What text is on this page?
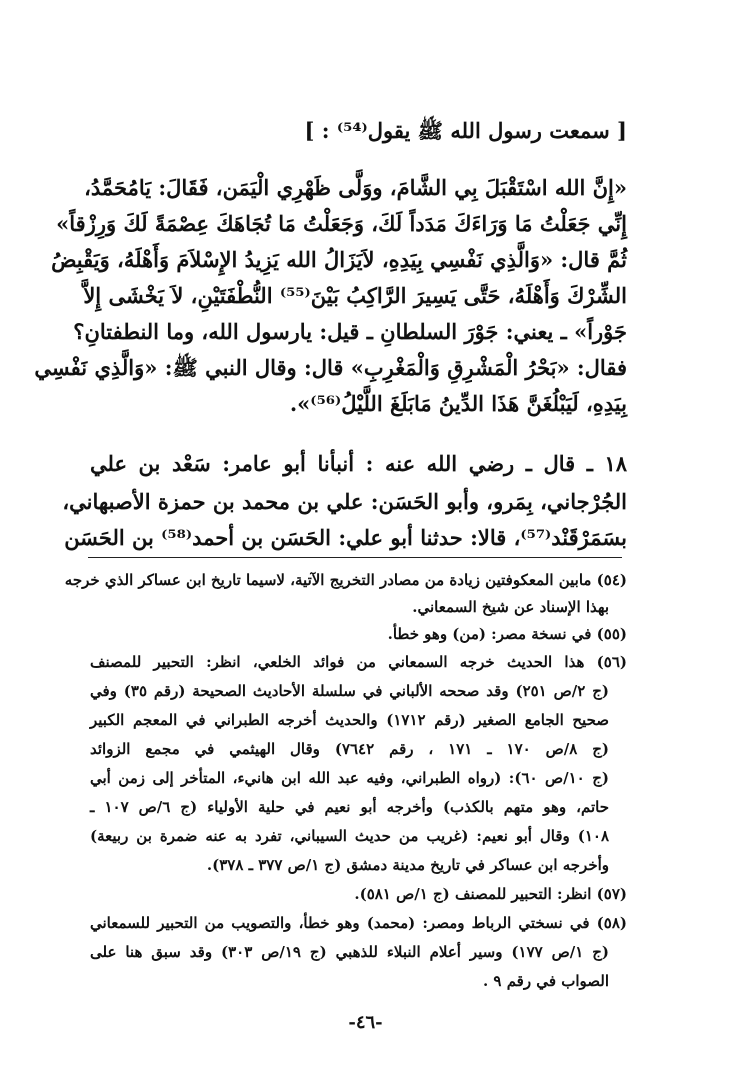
[ سمعت رسول الله ﷺ يقول⁽⁵⁴⁾ : ]
«إِنَّ الله اسْتَقْبَلَ بِي الشَّامَ، ووَلَّى ظَهْرِي الْيَمَن، فَقَالَ: يَامُحَمَّدُ،
إِنِّي جَعَلْتُ مَا وَرَاءَكَ مَدَداً لَكَ، وَجَعَلْتُ مَا تُجَاهَكَ عِصْمَةً لَكَ وَرِزْقاً»
ثُمَّ قال: «وَالَّذِي نَفْسِي بِيَدِهِ، لاَيَزَالُ الله يَزِيدُ الإِسْلاَمَ وَأَهْلَهُ، وَيَقْبِضُ
الشِّرْكَ وَأَهْلَهُ، حَتَّى يَسِيرَ الرَّاكِبُ بَيْنَ⁽⁵⁵⁾ النُّطْفَتَيْنِ، لاَ يَخْشَى إِلاَّ
جَوْراً» ـ يعني: جَوْرَ السلطانِ ـ قيل: يارسول الله، وما النطفتانِ؟
فقال: «بَحْرُ الْمَشْرِقِ وَالْمَغْرِبِ» قال: وقال النبي ﷺ: «وَالَّذِي نَفْسِي
بِيَدِهِ، لَيَبْلُغَنَّ هَذَا الدِّينُ مَابَلَغَ اللَّيْلُ⁽⁵⁶⁾».
١٨ ـ قال ـ رضي الله عنه : أنبأنا أبو عامر: سَعْد بن علي
الجُرْجاني، بِمَرو، وأبو الحَسَن: علي بن محمد بن حمزة الأصبهاني،
بسَمَرْقَنْد⁽⁵⁷⁾، قالا: حدثنا أبو علي: الحَسَن بن أحمد⁽⁵⁸⁾ بن الحَسَن
(٥٤) مابين المعكوفتين زيادة من مصادر التخريج الآتية، لاسيما تاريخ ابن عساكر الذي خرجه
بهذا الإسناد عن شيخ السمعاني.
(٥٥) في نسخة مصر: (من) وهو خطأ.
(٥٦) هذا الحديث خرجه السمعاني من فوائد الخلعي، انظر: التحبير للمصنف
(ج ٢/ص ٢٥١) وقد صححه الألباني في سلسلة الأحاديث الصحيحة (رقم ٣٥) وفي
صحيح الجامع الصغير (رقم ١٧١٢) والحديث أخرجه الطبراني في المعجم الكبير
(ج ٨/ص ١٧٠ ـ ١٧١ ، رقم ٧٦٤٢) وقال الهيثمي في مجمع الزوائد
(ج ١٠/ص ٦٠): (رواه الطبراني، وفيه عبد الله ابن هانيء، المتأخر إلى زمن أبي
حاتم، وهو متهم بالكذب) وأخرجه أبو نعيم في حلية الأولياء (ج ٦/ص ١٠٧ ـ
١٠٨) وقال أبو نعيم: (غريب من حديث السيباني، تفرد به عنه ضمرة بن ربيعة)
وأخرجه ابن عساكر في تاريخ مدينة دمشق (ج ١/ص ٣٧٧ ـ ٣٧٨).
(٥٧) انظر: التحبير للمصنف (ج ١/ص ٥٨١).
(٥٨) في نسختي الرباط ومصر: (محمد) وهو خطأ، والتصويب من التحبير للسمعاني
(ج ١/ص ١٧٧) وسير أعلام النبلاء للذهبي (ج ١٩/ص ٣٠٣) وقد سبق هنا على
الصواب في رقم ٩ .
-٤٦-
